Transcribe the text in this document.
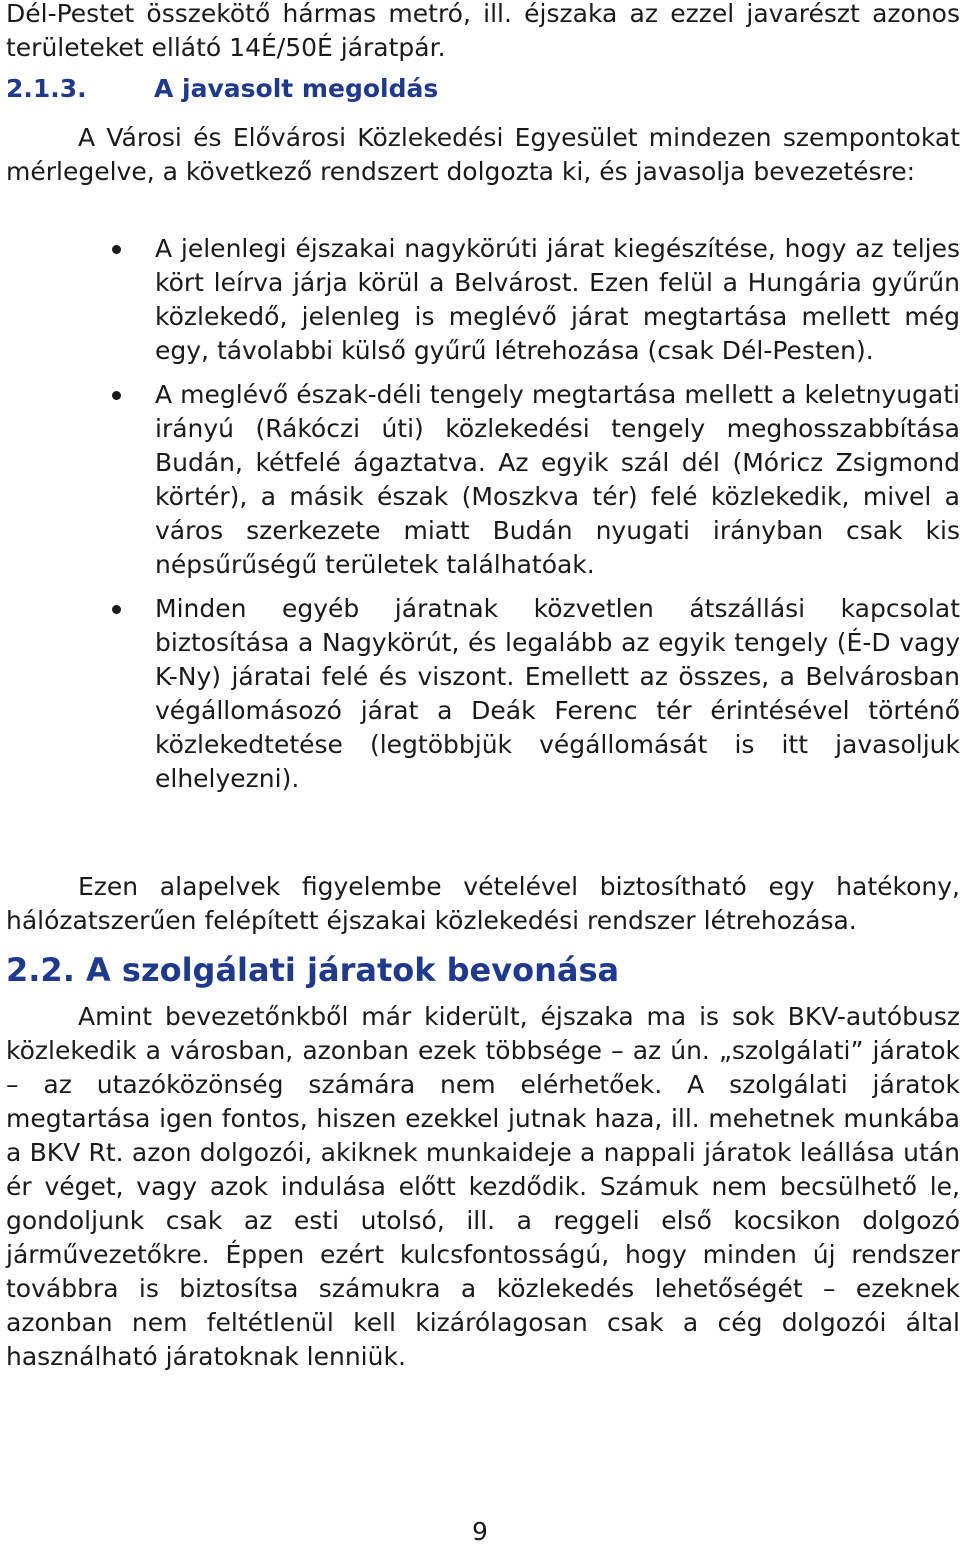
Dél-Pestet összekötő hármas metró, ill. éjszaka az ezzel javarészt azonos területeket ellátó 14É/50É járatpár.

2.1.3.	A javasolt megoldás

A Városi és Elővárosi Közlekedési Egyesület mindezen szempontokat mérlegelve, a következő rendszert dolgozta ki, és javasolja bevezetésre:

A jelenlegi éjszakai nagykörúti járat kiegészítése, hogy az teljes kört leírva járja körül a Belvárost. Ezen felül a Hungária gyűrűn közlekedő, jelenleg is meglévő járat megtartása mellett még egy, távolabbi külső gyűrű létrehozása (csak Dél-Pesten).
A meglévő észak-déli tengely megtartása mellett a keletnyugati irányú (Rákóczi úti) közlekedési tengely meghosszabbítása Budán, kétfelé ágaztatva. Az egyik szál dél (Móricz Zsigmond körtér), a másik észak (Moszkva tér) felé közlekedik, mivel a város szerkezete miatt Budán nyugati irányban csak kis népsűrűségű területek találhatóak.
Minden egyéb járatnak közvetlen átszállási kapcsolat biztosítása a Nagykörút, és legalább az egyik tengely (É-D vagy K-Ny) járatai felé és viszont. Emellett az összes, a Belvárosban végállomásozó járat a Deák Ferenc tér érintésével történő közlekedtetése (legtöbbjük végállomását is itt javasoljuk elhelyezni).

Ezen alapelvek figyelembe vételével biztosítható egy hatékony, hálózatszerűen felépített éjszakai közlekedési rendszer létrehozása.

2.2. A szolgálati járatok bevonása

Amint bevezetőnkből már kiderült, éjszaka ma is sok BKV-autóbusz közlekedik a városban, azonban ezek többsége – az ún. „szolgálati” járatok – az utazóközönség számára nem elérhetőek. A szolgálati járatok megtartása igen fontos, hiszen ezekkel jutnak haza, ill. mehetnek munkába a BKV Rt. azon dolgozói, akiknek munkaideje a nappali járatok leállása után ér véget, vagy azok indulása előtt kezdődik. Számuk nem becsülhető le, gondoljunk csak az esti utolsó, ill. a reggeli első kocsikon dolgozó járművezetőkre. Éppen ezért kulcsfontosságú, hogy minden új rendszer továbbra is biztosítsa számukra a közlekedés lehetőségét – ezeknek azonban nem feltétlenül kell kizárólagosan csak a cég dolgozói által használható járatoknak lenniük.

9
